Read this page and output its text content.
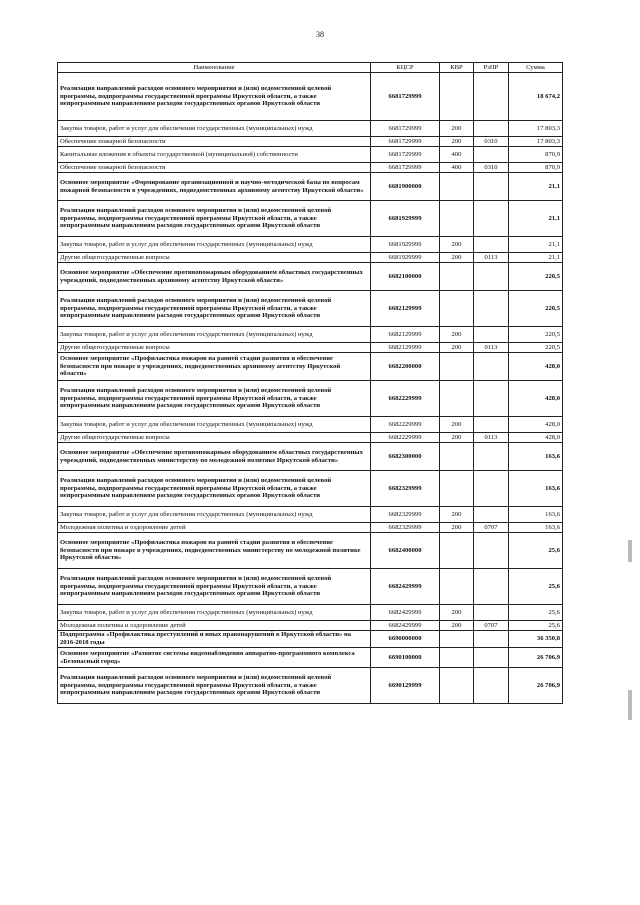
38
Наименование	КЦСР	КВР	РзПР	Сумма
Реализация направлений расходов основного мероприятия и (или) ведомственной целевой программы, подпрограммы государственной программы Иркутской области, а также непрограммным направлениям расходов государственных органов Иркутской области	6681729999			18 674,2
Закупка товаров, работ и услуг для обеспечения государственных (муниципальных) нужд	6681729999	200		17 803,3
Обеспечение пожарной безопасности	6681729999	200	0310	17 803,3
Капитальные вложения в объекты государственной (муниципальной) собственности	6681729999	400		870,9
Обеспечение пожарной безопасности	6681729999	400	0310	870,9
Основное мероприятие «Формирование организационной и научно-методической базы по вопросам пожарной безопасности в учреждениях, подведомственных архивному агентству Иркутской области»	6681900000			21,1
Реализация направлений расходов основного мероприятия и (или) ведомственной целевой программы, подпрограммы государственной программы Иркутской области, а также непрограммным направлениям расходов государственных органов Иркутской области	6681929999			21,1
Закупка товаров, работ и услуг для обеспечения государственных (муниципальных) нужд	6681929999	200		21,1
Другие общегосударственные вопросы	6681929999	200	0113	21,1
Основное мероприятие «Обеспечение противопожарным оборудованием областных государственных учреждений, подведомственных архивному агентству Иркутской области»	6682100000			220,5
Реализация направлений расходов основного мероприятия и (или) ведомственной целевой программы, подпрограммы государственной программы Иркутской области, а также непрограммным направлениям расходов государственных органов Иркутской области	6682129999			220,5
Закупка товаров, работ и услуг для обеспечения государственных (муниципальных) нужд	6682129999	200		220,5
Другие общегосударственные вопросы	6682129999	200	0113	220,5
Основное мероприятие «Профилактика пожаров на ранней стадии развития и обеспечение безопасности при пожаре в учреждениях, подведомственных архивному агентству Иркутской области»	6682200000			428,0
Реализация направлений расходов основного мероприятия и (или) ведомственной целевой программы, подпрограммы государственной программы Иркутской области, а также непрограммным направлениям расходов государственных органов Иркутской области	6682229999			428,0
Закупка товаров, работ и услуг для обеспечения государственных (муниципальных) нужд	6682229999	200		428,0
Другие общегосударственные вопросы	6682229999	200	0113	428,0
Основное мероприятие «Обеспечение противопожарным оборудованием областных государственных учреждений, подведомственных министерству по молодежной политике Иркутской области»	6682300000			163,6
Реализация направлений расходов основного мероприятия и (или) ведомственной целевой программы, подпрограммы государственной программы Иркутской области, а также непрограммным направлениям расходов государственных органов Иркутской области	6682329999			163,6
Закупка товаров, работ и услуг для обеспечения государственных (муниципальных) нужд	6682329999	200		163,6
Молодежная политика и оздоровление детей	6682329999	200	0707	163,6
Основное мероприятие «Профилактика пожаров на ранней стадии развития и обеспечение безопасности при пожаре в учреждениях, подведомственных министерству по молодежной политике Иркутской области»	6682400000			25,6
Реализация направлений расходов основного мероприятия и (или) ведомственной целевой программы, подпрограммы государственной программы Иркутской области, а также непрограммным направлениям расходов государственных органов Иркутской области	6682429999			25,6
Закупка товаров, работ и услуг для обеспечения государственных (муниципальных) нужд	6682429999	200		25,6
Молодежная политика и оздоровление детей	6682429999	200	0707	25,6
Подпрограмма «Профилактика преступлений и иных правонарушений в Иркутской области» на 2016-2018 годы	6690000000			36 350,8
Основное мероприятие «Развитие системы видеонаблюдения аппаратно-программного комплекса «Безопасный город»	6690100000			26 706,9
Реализация направлений расходов основного мероприятия и (или) ведомственной целевой программы, подпрограммы государственной программы Иркутской области, а также непрограммным направлениям расходов государственных органов Иркутской области	6690129999			26 706,9
